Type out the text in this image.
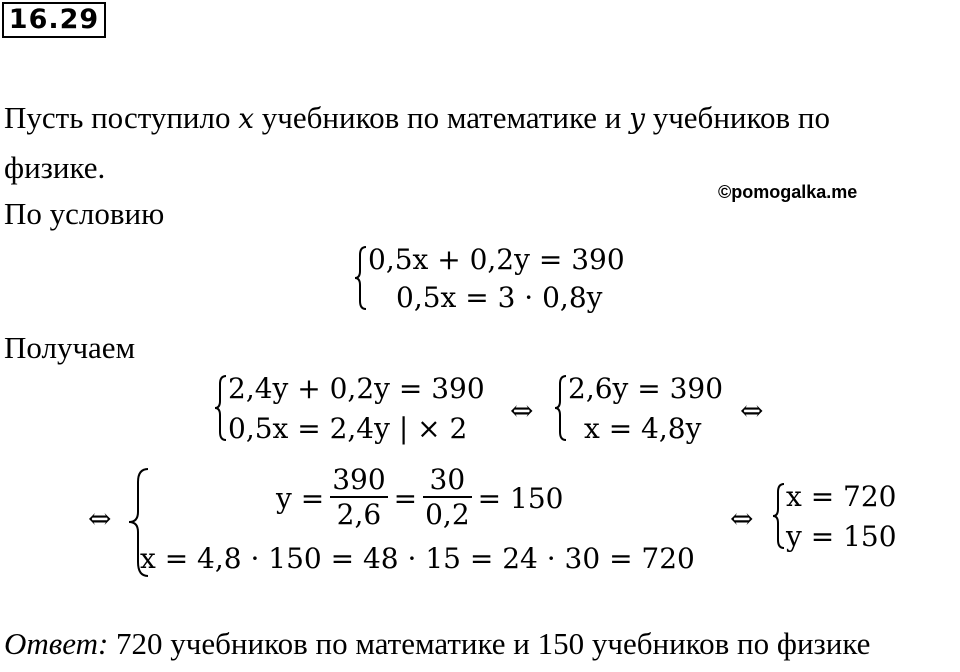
16.29
Пусть поступило x учебников по математике и y учебников по
физике.
©pomogalka.me
По условию
0,5x + 0,2y = 390
0,5x = 3 · 0,8y
Получаем
2,4y + 0,2y = 390
0,5x = 2,4y | × 2
⇔
2,6y = 390
x = 4,8y
⇔
⇔
$y = \frac{390}{2,6} = \frac{30}{0,2} = 150$
x = 4,8 · 150 = 48 · 15 = 24 · 30 = 720
⇔
x = 720
y = 150
Ответ: 720 учебников по математике и 150 учебников по физике
